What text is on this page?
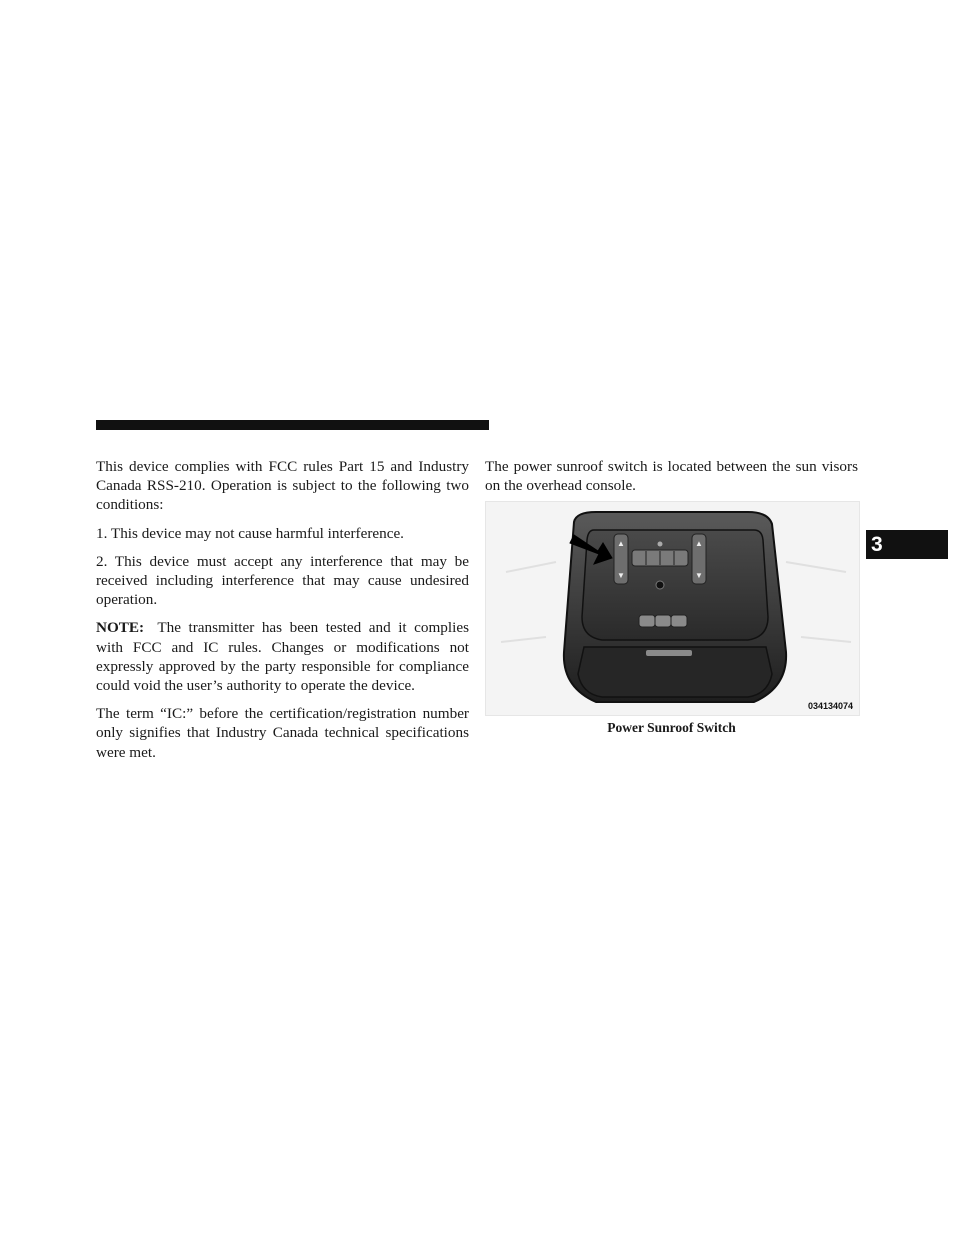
This device complies with FCC rules Part 15 and Industry Canada RSS-210. Operation is subject to the following two conditions:

1. This device may not cause harmful interference.

2. This device must accept any interference that may be received including interference that may cause undesired operation.

NOTE: The transmitter has been tested and it complies with FCC and IC rules. Changes or modifications not expressly approved by the party responsible for compliance could void the user’s authority to operate the device.

The term “IC:” before the certification/registration number only signifies that Industry Canada technical specifications were met.

The power sunroof switch is located between the sun visors on the overhead console.

▲
▼
▲
▼
034134074
Power Sunroof Switch
3
